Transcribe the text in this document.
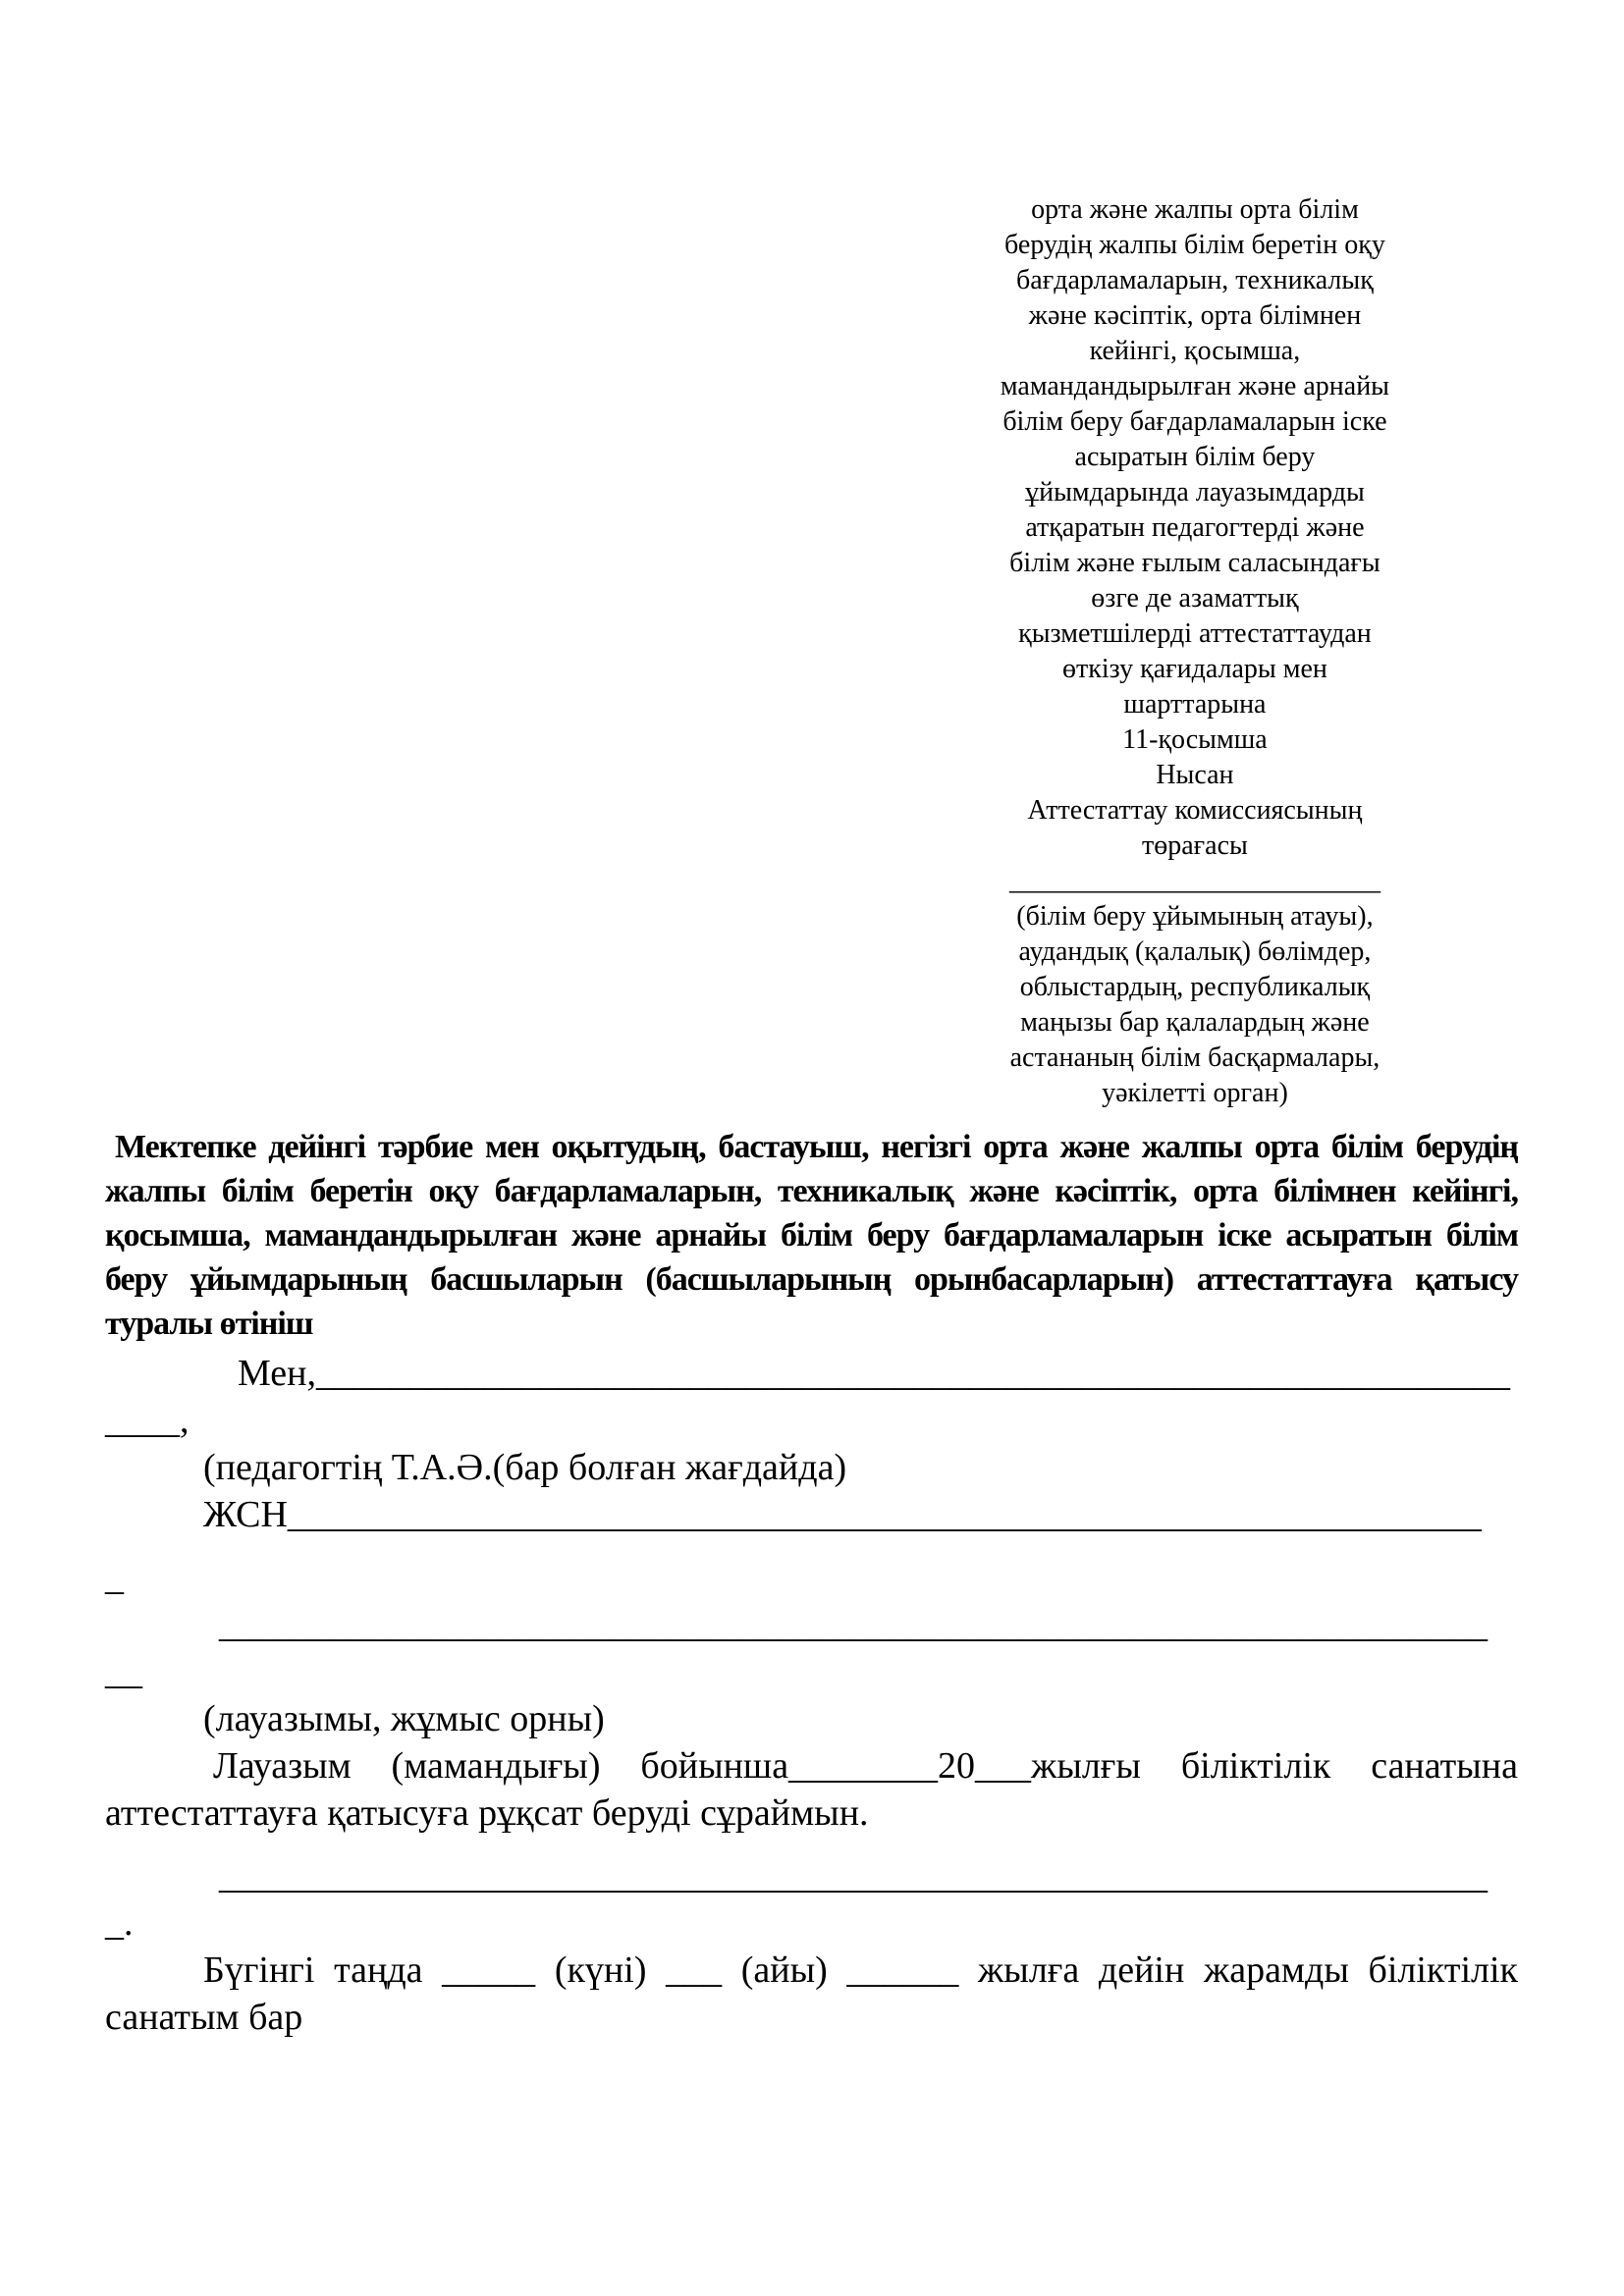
орта және жалпы орта білім
берудің жалпы білім беретін оқу
бағдарламаларын, техникалық
және кәсіптік, орта білімнен
кейінгі, қосымша,
мамандандырылған және арнайы
білім беру бағдарламаларын іске
асыратын білім беру
ұйымдарында лауазымдарды
атқаратын педагогтерді және
білім және ғылым саласындағы
өзге де азаматтық
қызметшілерді аттестаттаудан
өткізу қағидалары мен
шарттарына
11-қосымша
Нысан
Аттестаттау комиссиясының
төрағасы
___________________________
(білім беру ұйымының атауы),
аудандық (қалалық) бөлімдер,
облыстардың, республикалық
маңызы бар қалалардың және
астананың білім басқармалары,
уәкілетті орган)
Мектепке дейінгі тәрбие мен оқытудың, бастауыш, негізгі орта және жалпы орта білім берудің
жалпы білім беретін оқу бағдарламаларын, техникалық және кәсіптік, орта білімнен кейінгі,
қосымша, мамандандырылған және арнайы білім беру бағдарламаларын іске асыратын білім
беру ұйымдарының басшыларын (басшыларының орынбасарларын) аттестаттауға қатысу
туралы өтініш
Мен,________________________________________________________________
____,
(педагогтің Т.А.Ә.(бар болған жағдайда)
ЖСН________________________________________________________________
_
____________________________________________________________________
__
(лауазымы, жұмыс орны)
Лауазым (мамандығы) бойынша________20___жылғы біліктілік санатына
аттестаттауға қатысуға рұқсат беруді сұраймын.
____________________________________________________________________
_.
Бүгінгі таңда _____ (күні) ___ (айы) ______ жылға дейін жарамды біліктілік
санатым бар
